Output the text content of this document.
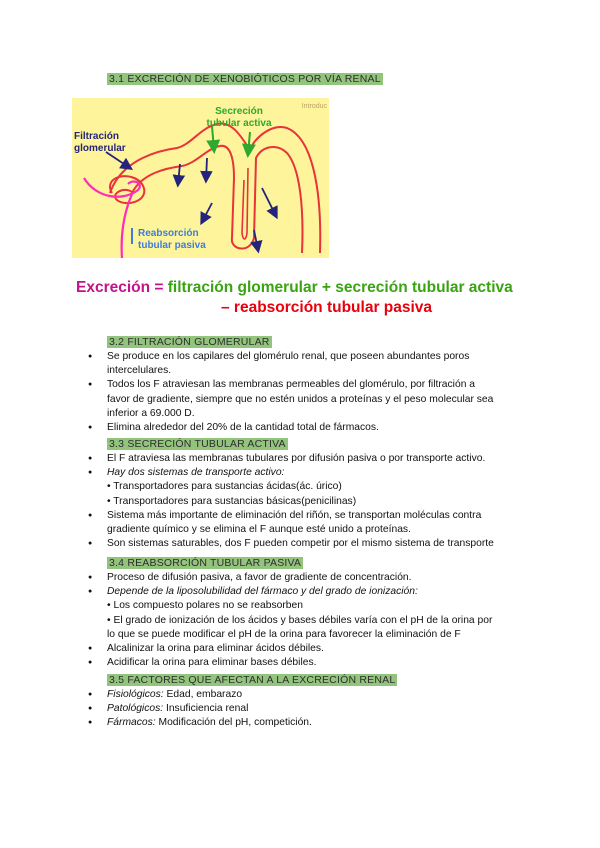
3.1 EXCRECIÓN DE XENOBIÓTICOS POR VÍA RENAL
Introduc
Secreción
tubular activa
Filtración
glomerular
Reabsorción
tubular pasiva
Excreción = filtración glomerular + secreción tubular activa
– reabsorción tubular pasiva
3.2 FILTRACIÓN GLOMERULAR
● Se produce en los capilares del glomérulo renal, que poseen abundantes poros
intercelulares.
● Todos los F atraviesan las membranas permeables del glomérulo, por filtración a
favor de gradiente, siempre que no estén unidos a proteínas y el peso molecular sea
inferior a 69.000 D.
● Elimina alrededor del 20% de la cantidad total de fármacos.
3.3 SECRECIÓN TUBULAR ACTIVA
● El F atraviesa las membranas tubulares por difusión pasiva o por transporte activo.
● Hay dos sistemas de transporte activo:
• Transportadores para sustancias ácidas(ác. úrico)
• Transportadores para sustancias básicas(penicilinas)
● Sistema más importante de eliminación del riñón, se transportan moléculas contra
gradiente químico y se elimina el F aunque esté unido a proteínas.
● Son sistemas saturables, dos F pueden competir por el mismo sistema de transporte
3.4 REABSORCIÓN TUBULAR PASIVA
● Proceso de difusión pasiva, a favor de gradiente de concentración.
● Depende de la liposolubilidad del fármaco y del grado de ionización:
• Los compuesto polares no se reabsorben
• El grado de ionización de los ácidos y bases débiles varía con el pH de la orina por
lo que se puede modificar el pH de la orina para favorecer la eliminación de F
● Alcalinizar la orina para eliminar ácidos débiles.
● Acidificar la orina para eliminar bases débiles.
3.5 FACTORES QUE AFECTAN A LA EXCRECIÓN RENAL
● Fisiológicos: Edad, embarazo
● Patológicos: Insuficiencia renal
● Fármacos: Modificación del pH, competición.
